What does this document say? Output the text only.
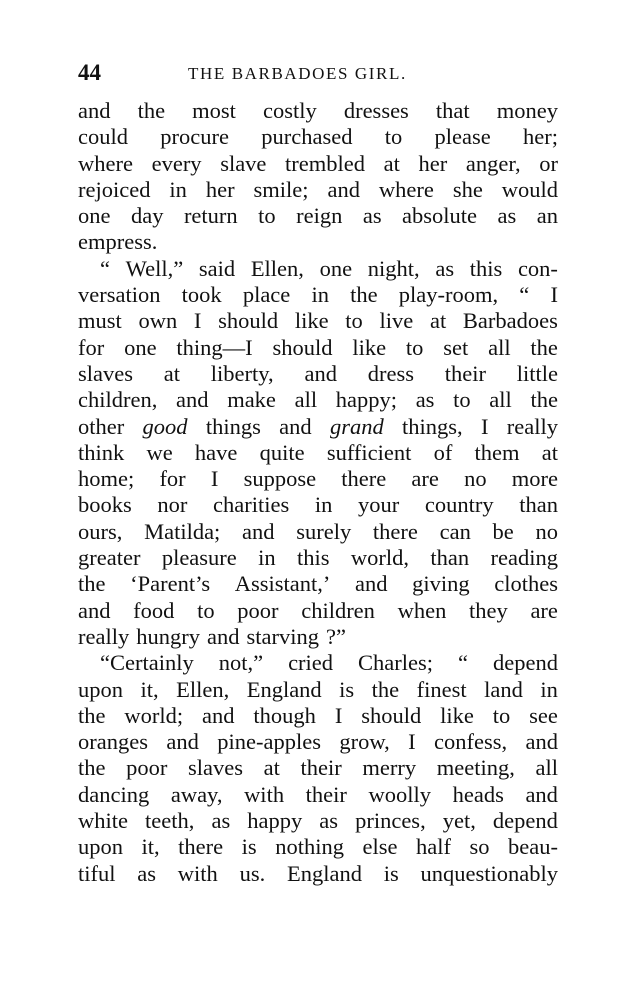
44	THE BARBADOES GIRL.
and the most costly dresses that money
could procure purchased to please her;
where every slave trembled at her anger, or
rejoiced in her smile; and where she would
one day return to reign as absolute as an
empress.
“ Well,” said Ellen, one night, as this con-
versation took place in the play-room, “ I
must own I should like to live at Barbadoes
for one thing—I should like to set all the
slaves at liberty, and dress their little
children, and make all happy; as to all the
other good things and grand things, I really
think we have quite sufficient of them at
home; for I suppose there are no more
books nor charities in your country than
ours, Matilda; and surely there can be no
greater pleasure in this world, than reading
the ‘Parent’s Assistant,’ and giving clothes
and food to poor children when they are
really hungry and starving ?”
“Certainly not,” cried Charles; “ depend
upon it, Ellen, England is the finest land in
the world; and though I should like to see
oranges and pine-apples grow, I confess, and
the poor slaves at their merry meeting, all
dancing away, with their woolly heads and
white teeth, as happy as princes, yet, depend
upon it, there is nothing else half so beau-
tiful as with us. England is unquestionably
